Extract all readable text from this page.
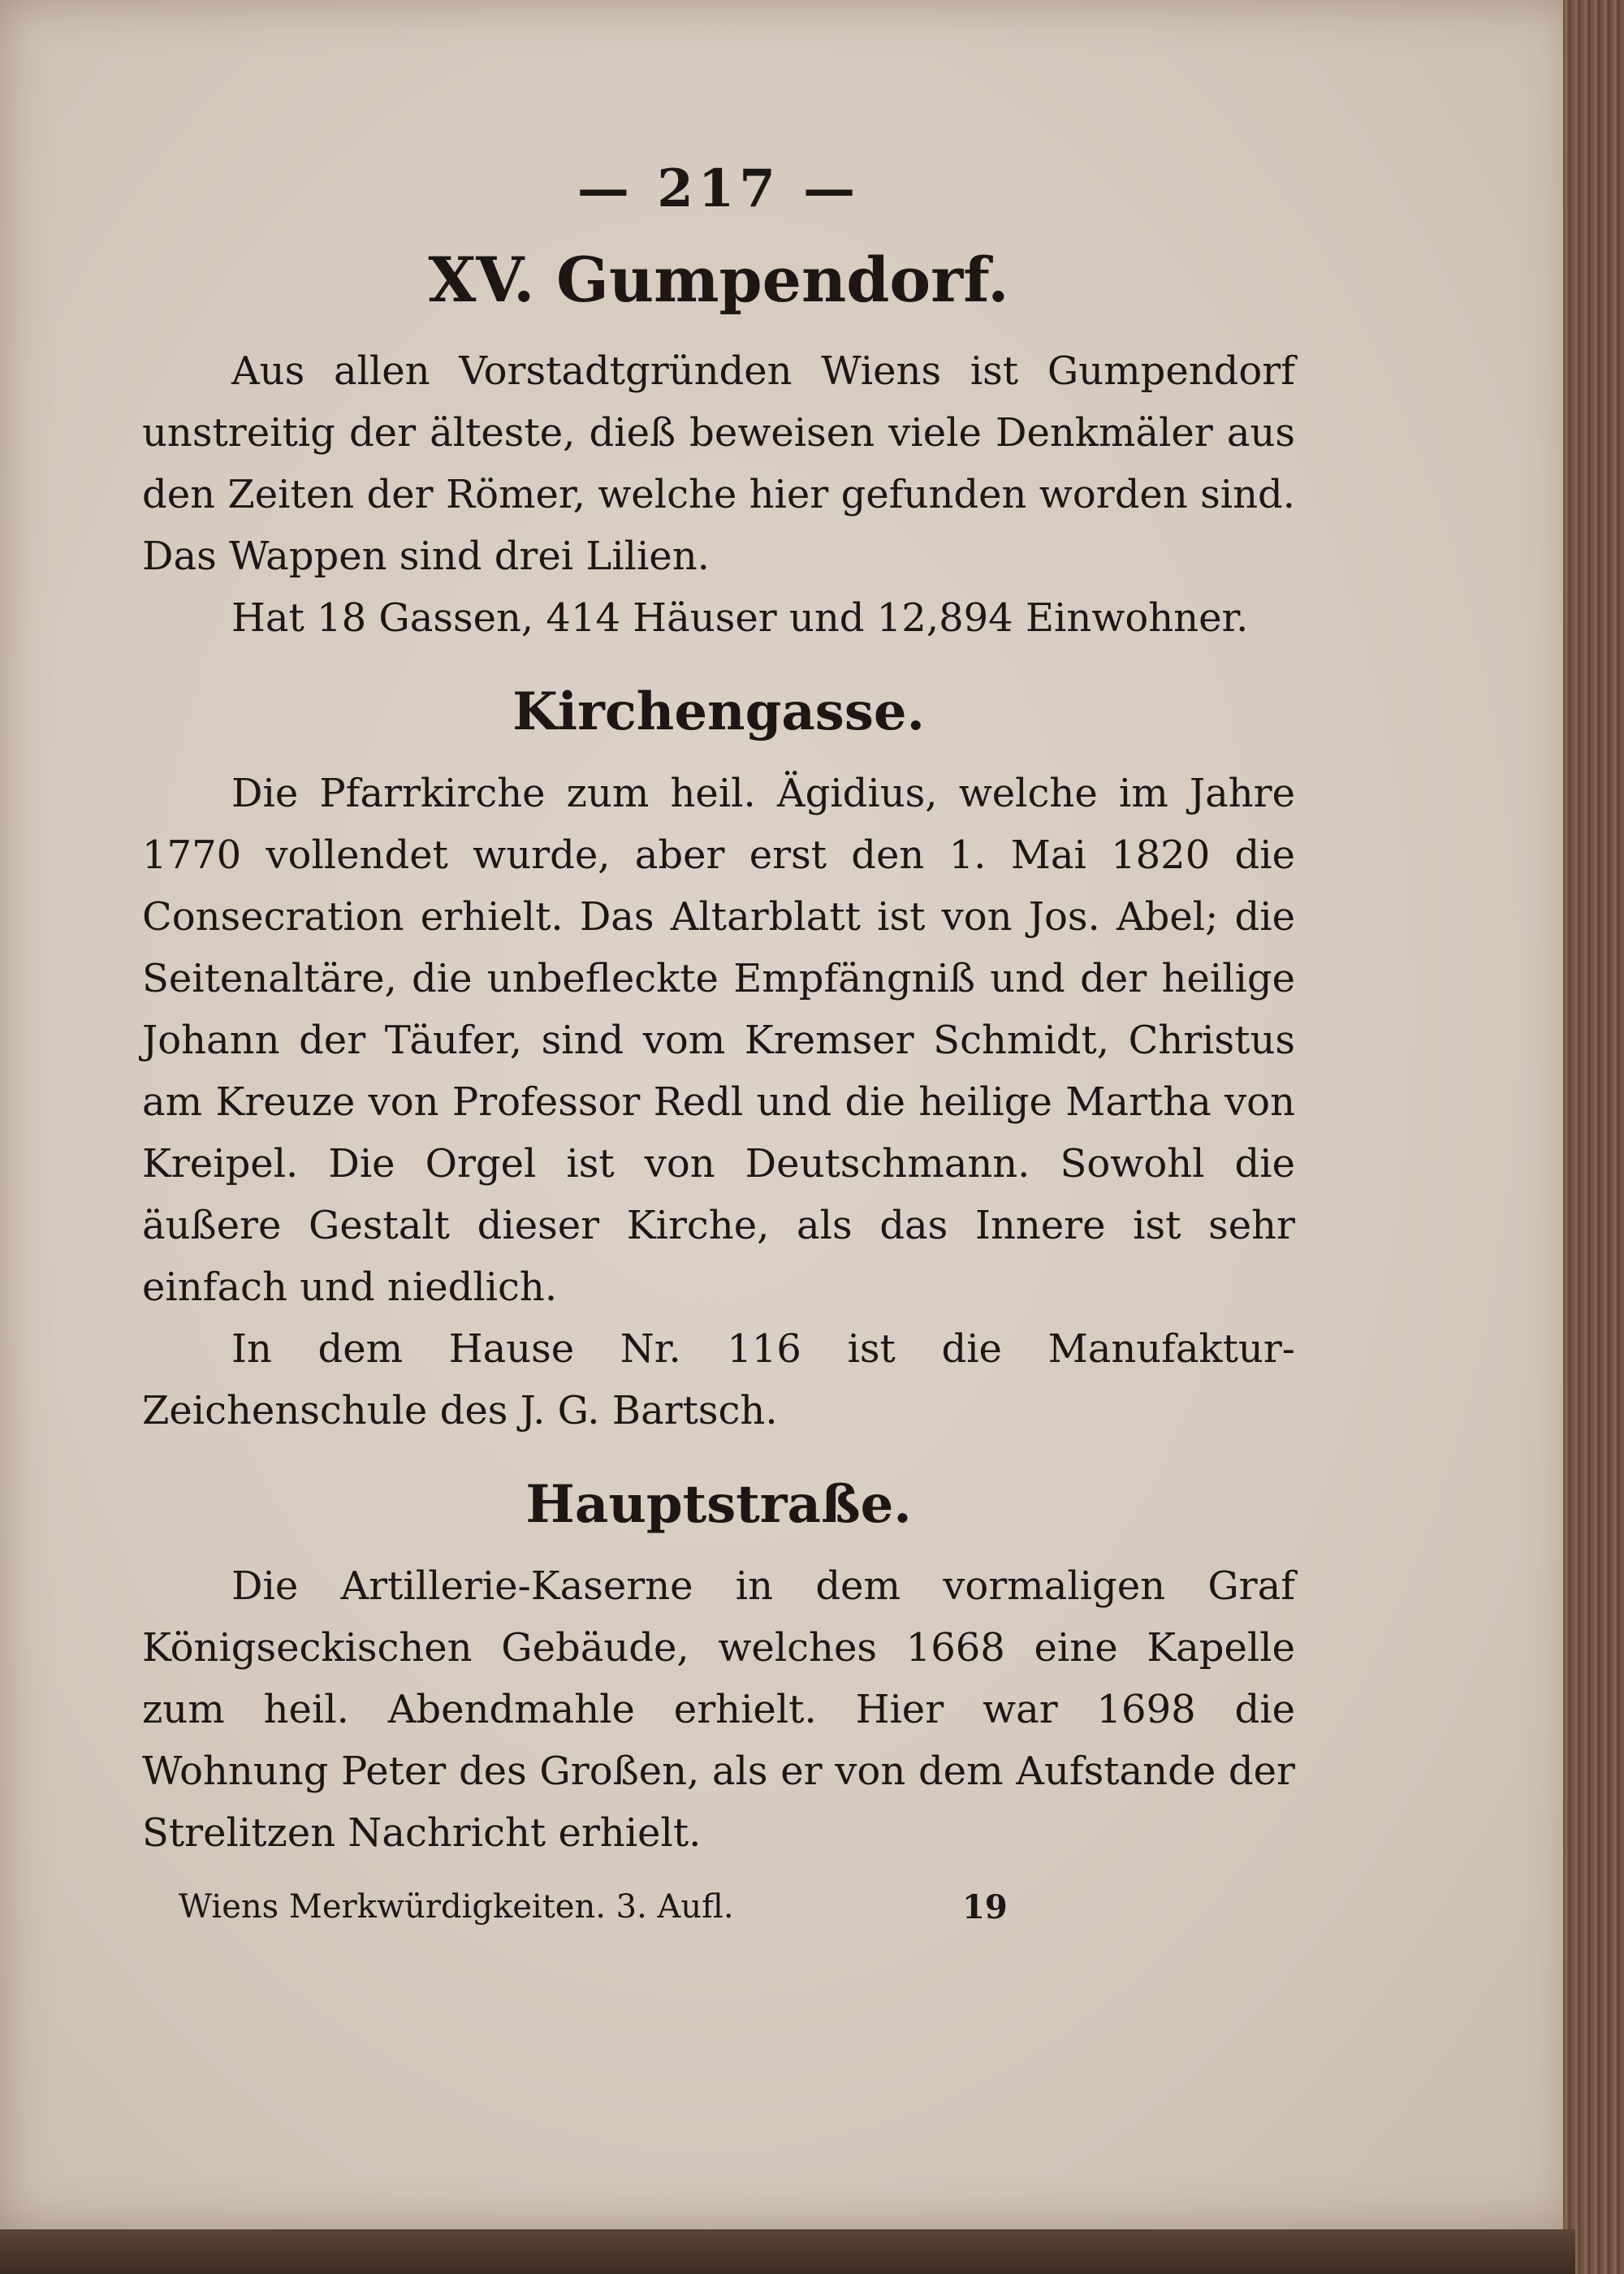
— 217 —
XV. Gumpendorf.

Aus allen Vorstadtgründen Wiens ist Gumpendorf unstreitig der älteste, dieß beweisen viele Denkmäler aus den Zeiten der Römer, welche hier gefunden worden sind. Das Wappen sind drei Lilien.

Hat 18 Gassen, 414 Häuser und 12,894 Einwohner.

Kirchengasse.

Die Pfarrkirche zum heil. Ägidius, welche im Jahre 1770 vollendet wurde, aber erst den 1. Mai 1820 die Consecration erhielt. Das Altarblatt ist von Jos. Abel; die Seitenaltäre, die unbefleckte Empfängniß und der heilige Johann der Täufer, sind vom Kremser Schmidt, Christus am Kreuze von Professor Redl und die heilige Martha von Kreipel. Die Orgel ist von Deutschmann. Sowohl die äußere Gestalt dieser Kirche, als das Innere ist sehr einfach und niedlich.

In dem Hause Nr. 116 ist die Manufaktur-Zeichenschule des J. G. Bartsch.

Hauptstraße.

Die Artillerie-Kaserne in dem vormaligen Graf Königseckischen Gebäude, welches 1668 eine Kapelle zum heil. Abendmahle erhielt. Hier war 1698 die Wohnung Peter des Großen, als er von dem Aufstande der Strelitzen Nachricht erhielt.

Wiens Merkwürdigkeiten. 3. Aufl.	19
